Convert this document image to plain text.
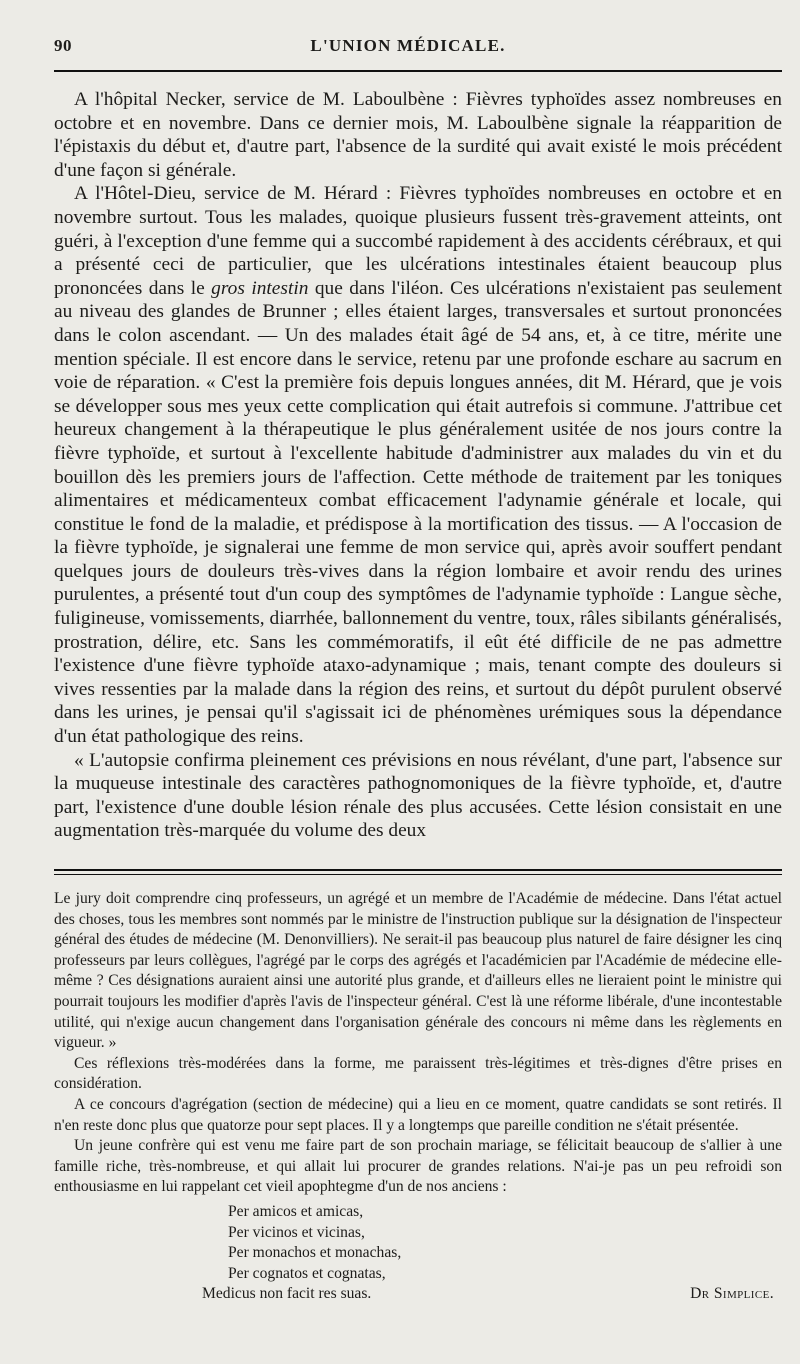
90	L'UNION MÉDICALE.

A l'hôpital Necker, service de M. Laboulbène : Fièvres typhoïdes assez nombreuses en octobre et en novembre. Dans ce dernier mois, M. Laboulbène signale la réapparition de l'épistaxis du début et, d'autre part, l'absence de la surdité qui avait existé le mois précédent d'une façon si générale.

A l'Hôtel-Dieu, service de M. Hérard : Fièvres typhoïdes nombreuses en octobre et en novembre surtout. Tous les malades, quoique plusieurs fussent très-gravement atteints, ont guéri, à l'exception d'une femme qui a succombé rapidement à des accidents cérébraux, et qui a présenté ceci de particulier, que les ulcérations intestinales étaient beaucoup plus prononcées dans le gros intestin que dans l'iléon. Ces ulcérations n'existaient pas seulement au niveau des glandes de Brunner ; elles étaient larges, transversales et surtout prononcées dans le colon ascendant. — Un des malades était âgé de 54 ans, et, à ce titre, mérite une mention spéciale. Il est encore dans le service, retenu par une profonde eschare au sacrum en voie de réparation. « C'est la première fois depuis longues années, dit M. Hérard, que je vois se développer sous mes yeux cette complication qui était autrefois si commune. J'attribue cet heureux changement à la thérapeutique le plus généralement usitée de nos jours contre la fièvre typhoïde, et surtout à l'excellente habitude d'administrer aux malades du vin et du bouillon dès les premiers jours de l'affection. Cette méthode de traitement par les toniques alimentaires et médicamenteux combat efficacement l'adynamie générale et locale, qui constitue le fond de la maladie, et prédispose à la mortification des tissus. — A l'occasion de la fièvre typhoïde, je signalerai une femme de mon service qui, après avoir souffert pendant quelques jours de douleurs très-vives dans la région lombaire et avoir rendu des urines purulentes, a présenté tout d'un coup des symptômes de l'adynamie typhoïde : Langue sèche, fuligineuse, vomissements, diarrhée, ballonnement du ventre, toux, râles sibilants généralisés, prostration, délire, etc. Sans les commémoratifs, il eût été difficile de ne pas admettre l'existence d'une fièvre typhoïde ataxo-adynamique ; mais, tenant compte des douleurs si vives ressenties par la malade dans la région des reins, et surtout du dépôt purulent observé dans les urines, je pensai qu'il s'agissait ici de phénomènes urémiques sous la dépendance d'un état pathologique des reins.

« L'autopsie confirma pleinement ces prévisions en nous révélant, d'une part, l'absence sur la muqueuse intestinale des caractères pathognomoniques de la fièvre typhoïde, et, d'autre part, l'existence d'une double lésion rénale des plus accusées. Cette lésion consistait en une augmentation très-marquée du volume des deux

Le jury doit comprendre cinq professeurs, un agrégé et un membre de l'Académie de médecine. Dans l'état actuel des choses, tous les membres sont nommés par le ministre de l'instruction publique sur la désignation de l'inspecteur général des études de médecine (M. Denonvilliers). Ne serait-il pas beaucoup plus naturel de faire désigner les cinq professeurs par leurs collègues, l'agrégé par le corps des agrégés et l'académicien par l'Académie de médecine elle-même ? Ces désignations auraient ainsi une autorité plus grande, et d'ailleurs elles ne lieraient point le ministre qui pourrait toujours les modifier d'après l'avis de l'inspecteur général. C'est là une réforme libérale, d'une incontestable utilité, qui n'exige aucun changement dans l'organisation générale des concours ni même dans les règlements en vigueur. »

Ces réflexions très-modérées dans la forme, me paraissent très-légitimes et très-dignes d'être prises en considération.

A ce concours d'agrégation (section de médecine) qui a lieu en ce moment, quatre candidats se sont retirés. Il n'en reste donc plus que quatorze pour sept places. Il y a longtemps que pareille condition ne s'était présentée.

Un jeune confrère qui est venu me faire part de son prochain mariage, se félicitait beaucoup de s'allier à une famille riche, très-nombreuse, et qui allait lui procurer de grandes relations. N'ai-je pas un peu refroidi son enthousiasme en lui rappelant cet vieil apophtegme d'un de nos anciens :

Per amicos et amicas,
Per vicinos et vicinas,
Per monachos et monachas,
Per cognatos et cognatas,
Medicus non facit res suas.	Dr Simplice.
